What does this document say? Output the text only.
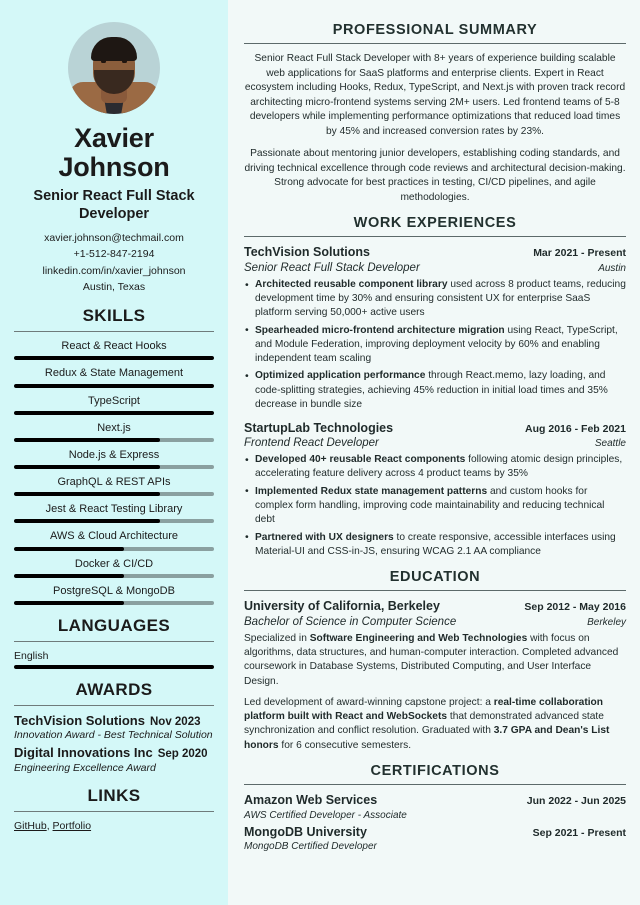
Xavier
Johnson
Senior React Full Stack Developer
xavier.johnson@techmail.com
+1-512-847-2194
linkedin.com/in/xavier_johnson
Austin, Texas
SKILLS
React & React Hooks
Redux & State Management
TypeScript
Next.js
Node.js & Express
GraphQL & REST APIs
Jest & React Testing Library
AWS & Cloud Architecture
Docker & CI/CD
PostgreSQL & MongoDB
LANGUAGES
English
AWARDS
TechVision Solutions Nov 2023
Innovation Award - Best Technical Solution
Digital Innovations Inc Sep 2020
Engineering Excellence Award
LINKS
GitHub, Portfolio
PROFESSIONAL SUMMARY

Senior React Full Stack Developer with 8+ years of experience building scalable web applications for SaaS platforms and enterprise clients. Expert in React ecosystem including Hooks, Redux, TypeScript, and Next.js with proven track record architecting micro-frontend systems serving 2M+ users. Led frontend teams of 5-8 developers while implementing performance optimizations that reduced load times by 45% and increased conversion rates by 23%.

Passionate about mentoring junior developers, establishing coding standards, and driving technical excellence through code reviews and architectural decision-making. Strong advocate for best practices in testing, CI/CD pipelines, and agile methodologies.

WORK EXPERIENCES
TechVision Solutions	Mar 2021 - Present
Senior React Full Stack Developer	Austin
• Architected reusable component library used across 8 product teams, reducing development time by 30% and ensuring consistent UX for enterprise SaaS platform serving 50,000+ active users
• Spearheaded micro-frontend architecture migration using React, TypeScript, and Module Federation, improving deployment velocity by 60% and enabling independent team scaling
• Optimized application performance through React.memo, lazy loading, and code-splitting strategies, achieving 45% reduction in initial load times and 35% decrease in bundle size
StartupLab Technologies	Aug 2016 - Feb 2021
Frontend React Developer	Seattle
• Developed 40+ reusable React components following atomic design principles, accelerating feature delivery across 4 product teams by 35%
• Implemented Redux state management patterns and custom hooks for complex form handling, improving code maintainability and reducing technical debt
• Partnered with UX designers to create responsive, accessible interfaces using Material-UI and CSS-in-JS, ensuring WCAG 2.1 AA compliance
EDUCATION
University of California, Berkeley	Sep 2012 - May 2016
Bachelor of Science in Computer Science	Berkeley

Specialized in Software Engineering and Web Technologies with focus on algorithms, data structures, and human-computer interaction. Completed advanced coursework in Database Systems, Distributed Computing, and User Interface Design.

Led development of award-winning capstone project: a real-time collaboration platform built with React and WebSockets that demonstrated advanced state synchronization and conflict resolution. Graduated with 3.7 GPA and Dean's List honors for 6 consecutive semesters.

CERTIFICATIONS
Amazon Web Services	Jun 2022 - Jun 2025
AWS Certified Developer - Associate
MongoDB University	Sep 2021 - Present
MongoDB Certified Developer
